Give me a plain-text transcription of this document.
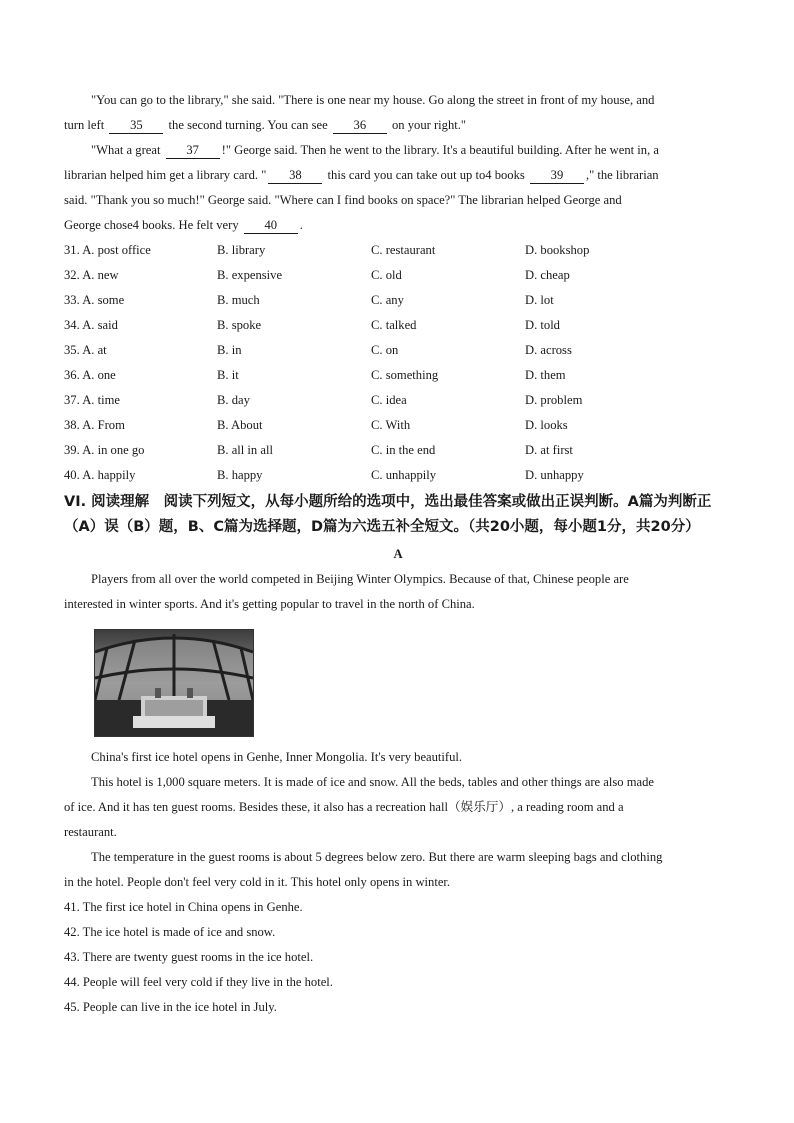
"You can go to the library," she said. "There is one near my house. Go along the street in front of my house, and
turn left 35 the second turning. You can see 36 on your right."
"What a great 37 !" George said. Then he went to the library. It's a beautiful building. After he went in, a
librarian helped him get a library card. " 38 this card you can take out up to4 books 39 ," the librarian
said. "Thank you so much!" George said. "Where can I find books on space?" The librarian helped George and
George chose4 books. He felt very 40 .
31. A. post office	B. library	C. restaurant	D. bookshop
32. A. new	B. expensive	C. old	D. cheap
33. A. some	B. much	C. any	D. lot
34. A. said	B. spoke	C. talked	D. told
35. A. at	B. in	C. on	D. across
36. A. one	B. it	C. something	D. them
37. A. time	B. day	C. idea	D. problem
38. A. From	B. About	C. With	D. looks
39. A. in one go	B. all in all	C. in the end	D. at first
40. A. happily	B. happy	C. unhappily	D. unhappy
VI. 阅读理解　阅读下列短文，从每小题所给的选项中，选出最佳答案或做出正误判断。A篇为判断正（A）误（B）题，B、C篇为选择题，D篇为六选五补全短文。（共20小题，每小题1分，共20分）
A
Players from all over the world competed in Beijing Winter Olympics. Because of that, Chinese people are
interested in winter sports. And it's getting popular to travel in the north of China.
China's first ice hotel opens in Genhe, Inner Mongolia. It's very beautiful.
This hotel is 1,000 square meters. It is made of ice and snow. All the beds, tables and other things are also made
of ice. And it has ten guest rooms. Besides these, it also has a recreation hall（娱乐厅）, a reading room and a
restaurant.
The temperature in the guest rooms is about 5 degrees below zero. But there are warm sleeping bags and clothing
in the hotel. People don't feel very cold in it. This hotel only opens in winter.
41. The first ice hotel in China opens in Genhe.
42. The ice hotel is made of ice and snow.
43. There are twenty guest rooms in the ice hotel.
44. People will feel very cold if they live in the hotel.
45. People can live in the ice hotel in July.
